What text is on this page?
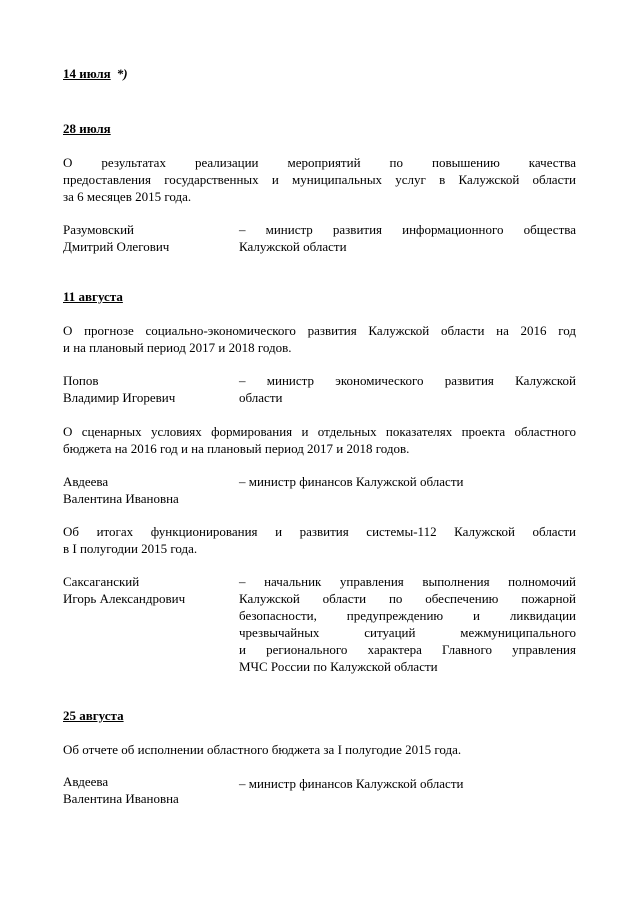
14 июля *)
28 июля
О результатах реализации мероприятий по повышению качества
предоставления государственных и муниципальных услуг в Калужской области
за 6 месяцев 2015 года.
Разумовский
Дмитрий Олегович
– министр развития информационного общества
Калужской области
11 августа
О прогнозе социально-экономического развития Калужской области на 2016 год
и на плановый период 2017 и 2018 годов.
Попов
Владимир Игоревич
– министр экономического развития Калужской
области
О сценарных условиях формирования и отдельных показателях проекта областного
бюджета на 2016 год и на плановый период 2017 и 2018 годов.
Авдеева
Валентина Ивановна
– министр финансов Калужской области
Об итогах функционирования и развития системы-112 Калужской области
в I полугодии 2015 года.
Саксаганский
Игорь Александрович
– начальник управления выполнения полномочий
Калужской области по обеспечению пожарной
безопасности, предупреждению и ликвидации
чрезвычайных ситуаций межмуниципального
и регионального характера Главного управления
МЧС России по Калужской области
25 августа
Об отчете об исполнении областного бюджета за I полугодие 2015 года.
Авдеева
Валентина Ивановна
– министр финансов Калужской области
